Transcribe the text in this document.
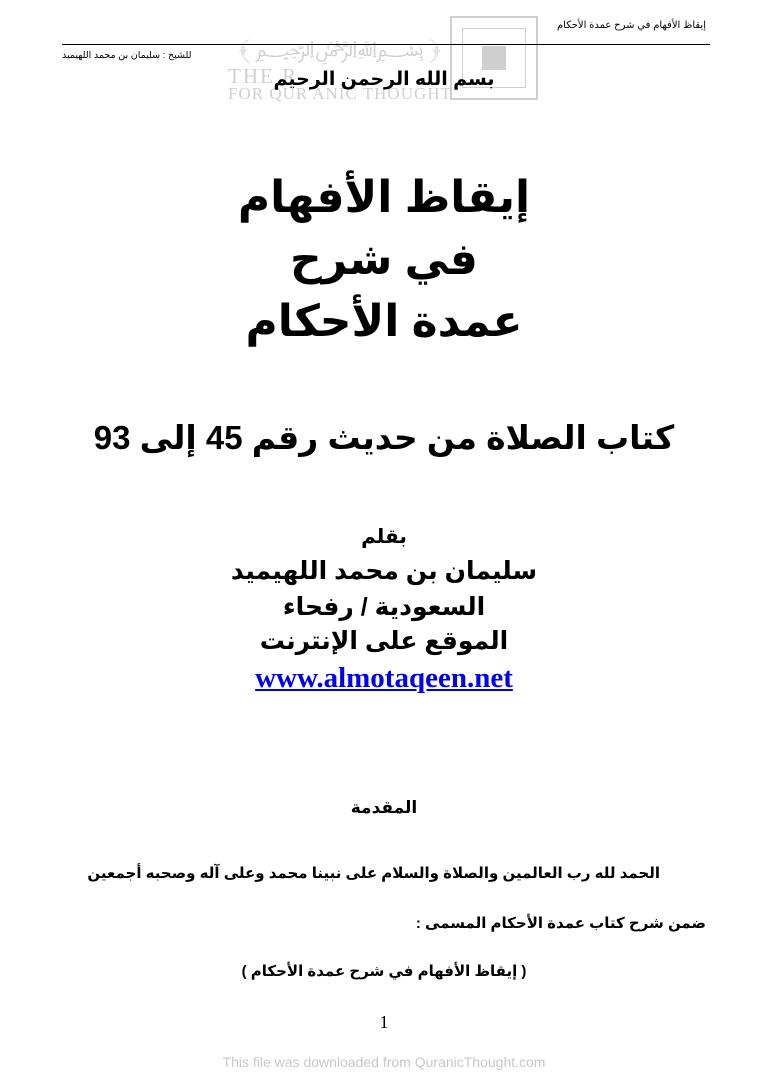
﴿ ﷽ ﴾
THE R
FOR QUR'ANIC THOUGHT
إيقاظ الأفهام في شرح عمدة الأحكام
للشيخ : سليمان بن محمد اللهيميد
بسم الله الرحمن الرحيم
إيقاظ الأفهام
في شرح
عمدة الأحكام
كتاب الصلاة من حديث رقم 45 إلى 93
بقلم
سليمان بن محمد اللهيميد
السعودية / رفحاء
الموقع على الإنترنت
www.almotaqeen.net
المقدمة
الحمد لله رب العالمين والصلاة والسلام على نبينا محمد وعلى آله وصحبه أجمعين
ضمن شرح كتاب عمدة الأحكام المسمى :
( إيقاظ الأفهام في شرح عمدة الأحكام )
1
This file was downloaded from QuranicThought.com
